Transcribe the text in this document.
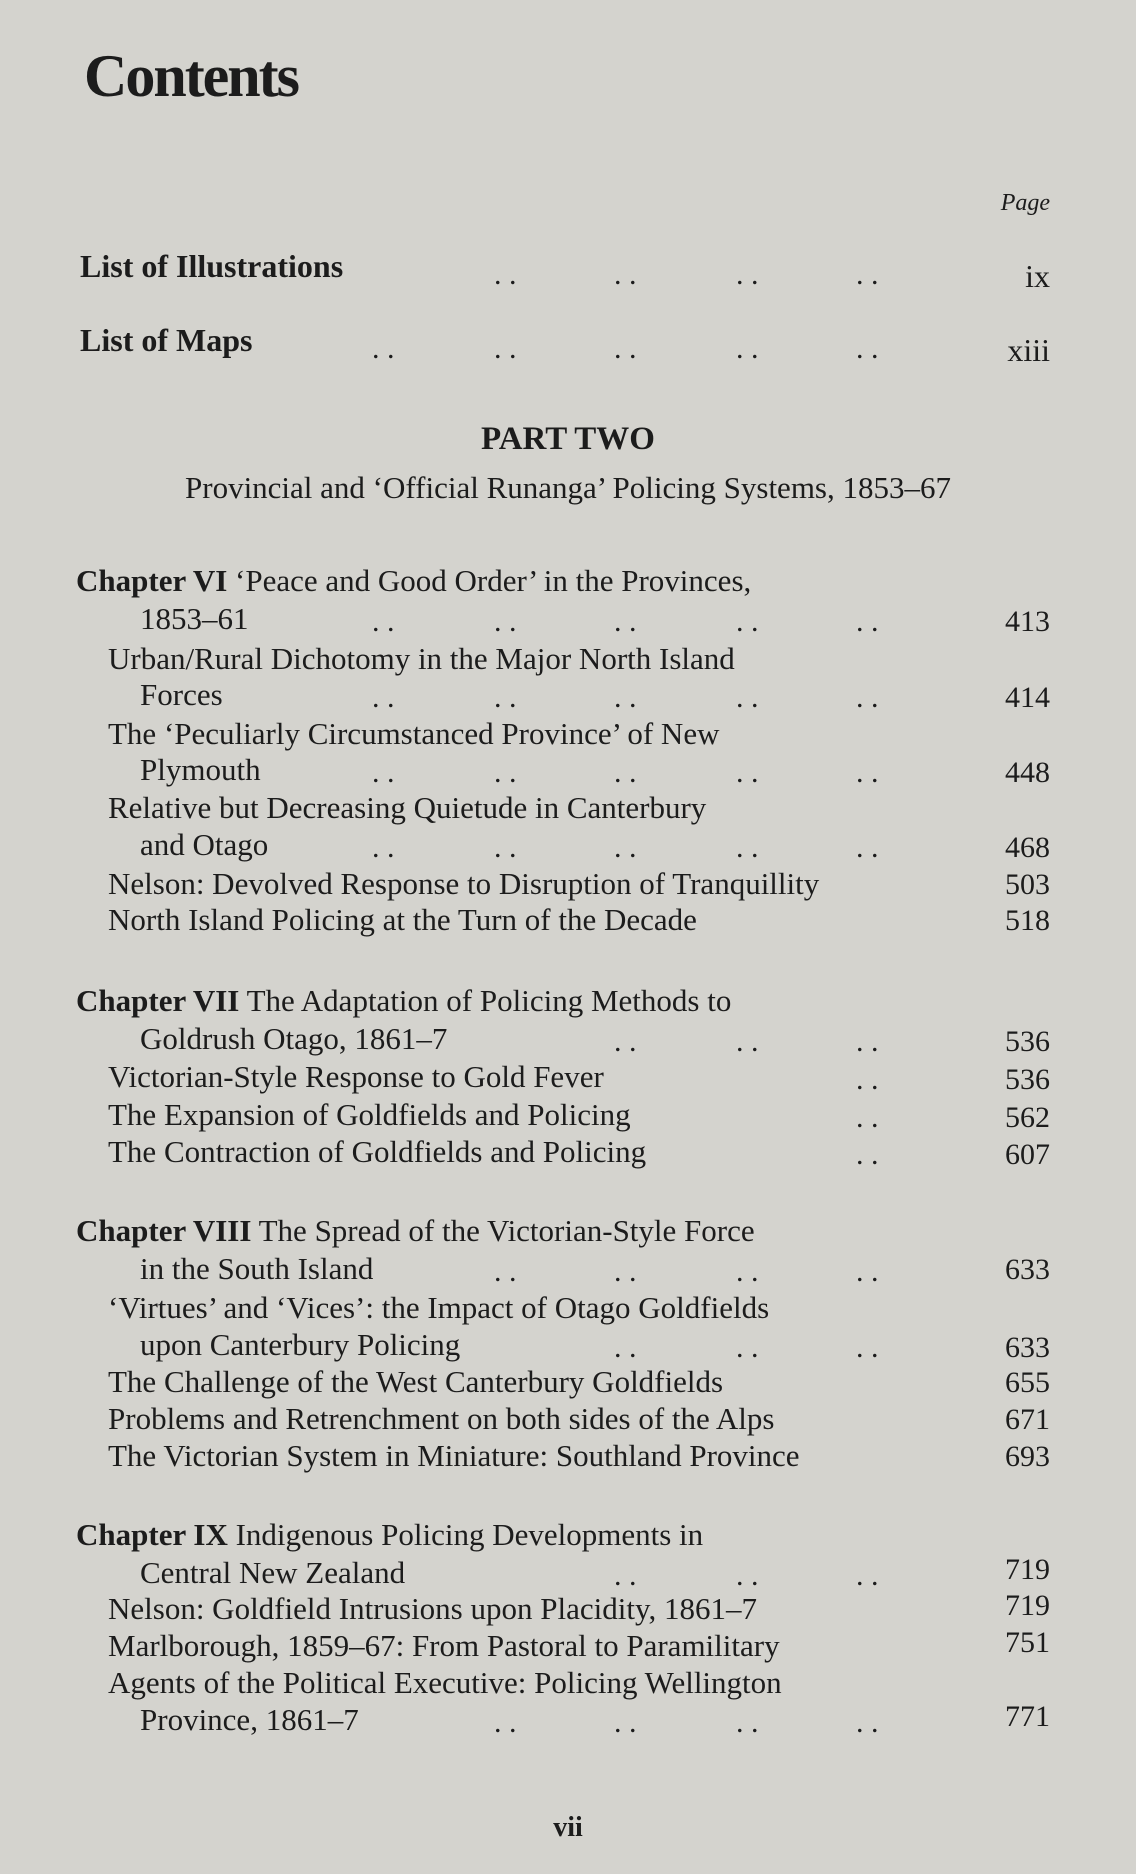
Contents
Page
List of Illustrations	. .	. .	. .	. .	ix
List of Maps	. .	. .	. .	. .	. .	xiii
PART TWO
Provincial and ‘Official Runanga’ Policing Systems, 1853–67
Chapter VI ‘Peace and Good Order’ in the Provinces,
1853–61	. .	. .	. .	. .	. .	413
Urban/Rural Dichotomy in the Major North Island
Forces	. .	. .	. .	. .	. .	414
The ‘Peculiarly Circumstanced Province’ of New
Plymouth	. .	. .	. .	. .	. .	448
Relative but Decreasing Quietude in Canterbury
and Otago	. .	. .	. .	. .	. .	468
Nelson: Devolved Response to Disruption of Tranquillity	503
North Island Policing at the Turn of the Decade	518
Chapter VII The Adaptation of Policing Methods to
Goldrush Otago, 1861–7	. .	. .	. .	536
Victorian-Style Response to Gold Fever	. .	536
The Expansion of Goldfields and Policing	. .	562
The Contraction of Goldfields and Policing	. .	607
Chapter VIII The Spread of the Victorian-Style Force
in the South Island	. .	. .	. .	. .	633
‘Virtues’ and ‘Vices’: the Impact of Otago Goldfields
upon Canterbury Policing	. .	. .	. .	633
The Challenge of the West Canterbury Goldfields	655
Problems and Retrenchment on both sides of the Alps	671
The Victorian System in Miniature: Southland Province	693
Chapter IX Indigenous Policing Developments in
Central New Zealand	. .	. .	. .	719
Nelson: Goldfield Intrusions upon Placidity, 1861–7	719
Marlborough, 1859–67: From Pastoral to Paramilitary	751
Agents of the Political Executive: Policing Wellington
Province, 1861–7	. .	. .	. .	. .	771
vii
